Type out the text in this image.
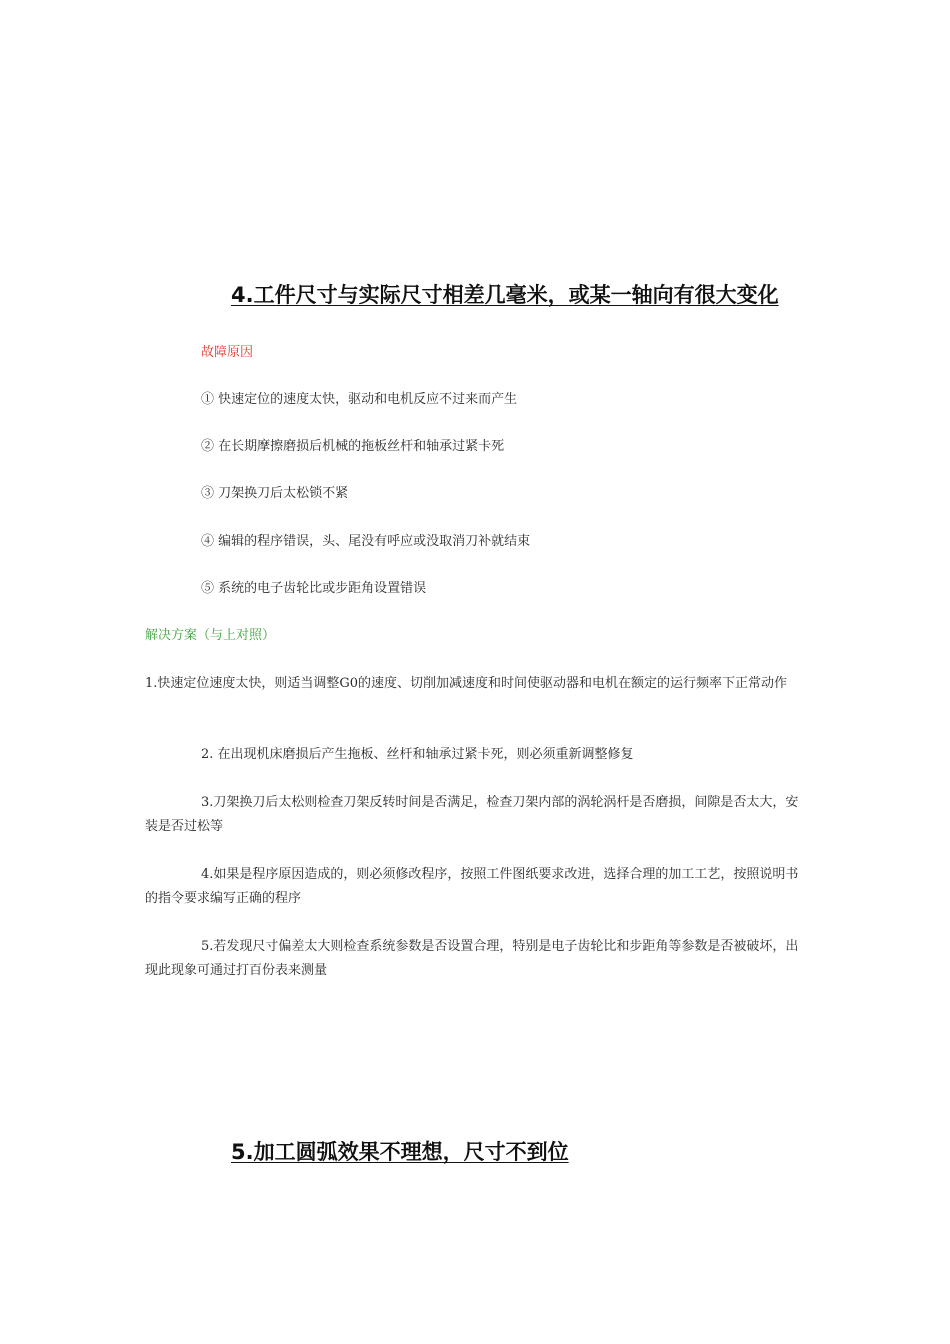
4.工件尺寸与实际尺寸相差几毫米，或某一轴向有很大变化
故障原因
① 快速定位的速度太快，驱动和电机反应不过来而产生
② 在长期摩擦磨损后机械的拖板丝杆和轴承过紧卡死
③ 刀架换刀后太松锁不紧
④ 编辑的程序错误，头、尾没有呼应或没取消刀补就结束
⑤ 系统的电子齿轮比或步距角设置错误
解决方案（与上对照）
1.快速定位速度太快，则适当调整G0的速度、切削加减速度和时间使驱动器和电机在额定的运行频率下正常动作
2. 在出现机床磨损后产生拖板、丝杆和轴承过紧卡死，则必须重新调整修复
3.刀架换刀后太松则检查刀架反转时间是否满足，检查刀架内部的涡轮涡杆是否磨损，间隙是否太大，安装是否过松等
4.如果是程序原因造成的，则必须修改程序，按照工件图纸要求改进，选择合理的加工工艺，按照说明书的指令要求编写正确的程序
5.若发现尺寸偏差太大则检查系统参数是否设置合理，特别是电子齿轮比和步距角等参数是否被破坏，出现此现象可通过打百份表来测量
5.加工圆弧效果不理想，尺寸不到位
